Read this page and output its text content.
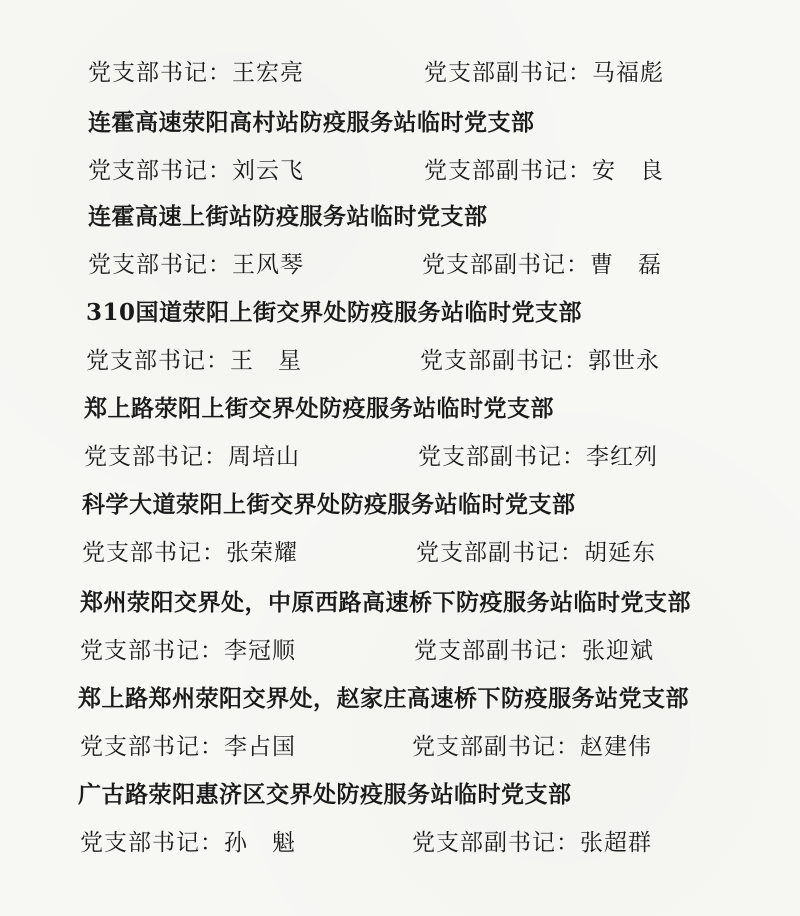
党支部书记：王宏亮	党支部副书记：马福彪
连霍高速荥阳高村站防疫服务站临时党支部
党支部书记：刘云飞	党支部副书记：安　良
连霍高速上街站防疫服务站临时党支部
党支部书记：王风琴	党支部副书记：曹　磊
310国道荥阳上街交界处防疫服务站临时党支部
党支部书记：王　星	党支部副书记：郭世永
郑上路荥阳上街交界处防疫服务站临时党支部
党支部书记：周培山	党支部副书记：李红列
科学大道荥阳上街交界处防疫服务站临时党支部
党支部书记：张荣耀	党支部副书记：胡延东
郑州荥阳交界处，中原西路高速桥下防疫服务站临时党支部
党支部书记：李冠顺	党支部副书记：张迎斌
郑上路郑州荥阳交界处，赵家庄高速桥下防疫服务站党支部
党支部书记：李占国	党支部副书记：赵建伟
广古路荥阳惠济区交界处防疫服务站临时党支部
党支部书记：孙　魁	党支部副书记：张超群
